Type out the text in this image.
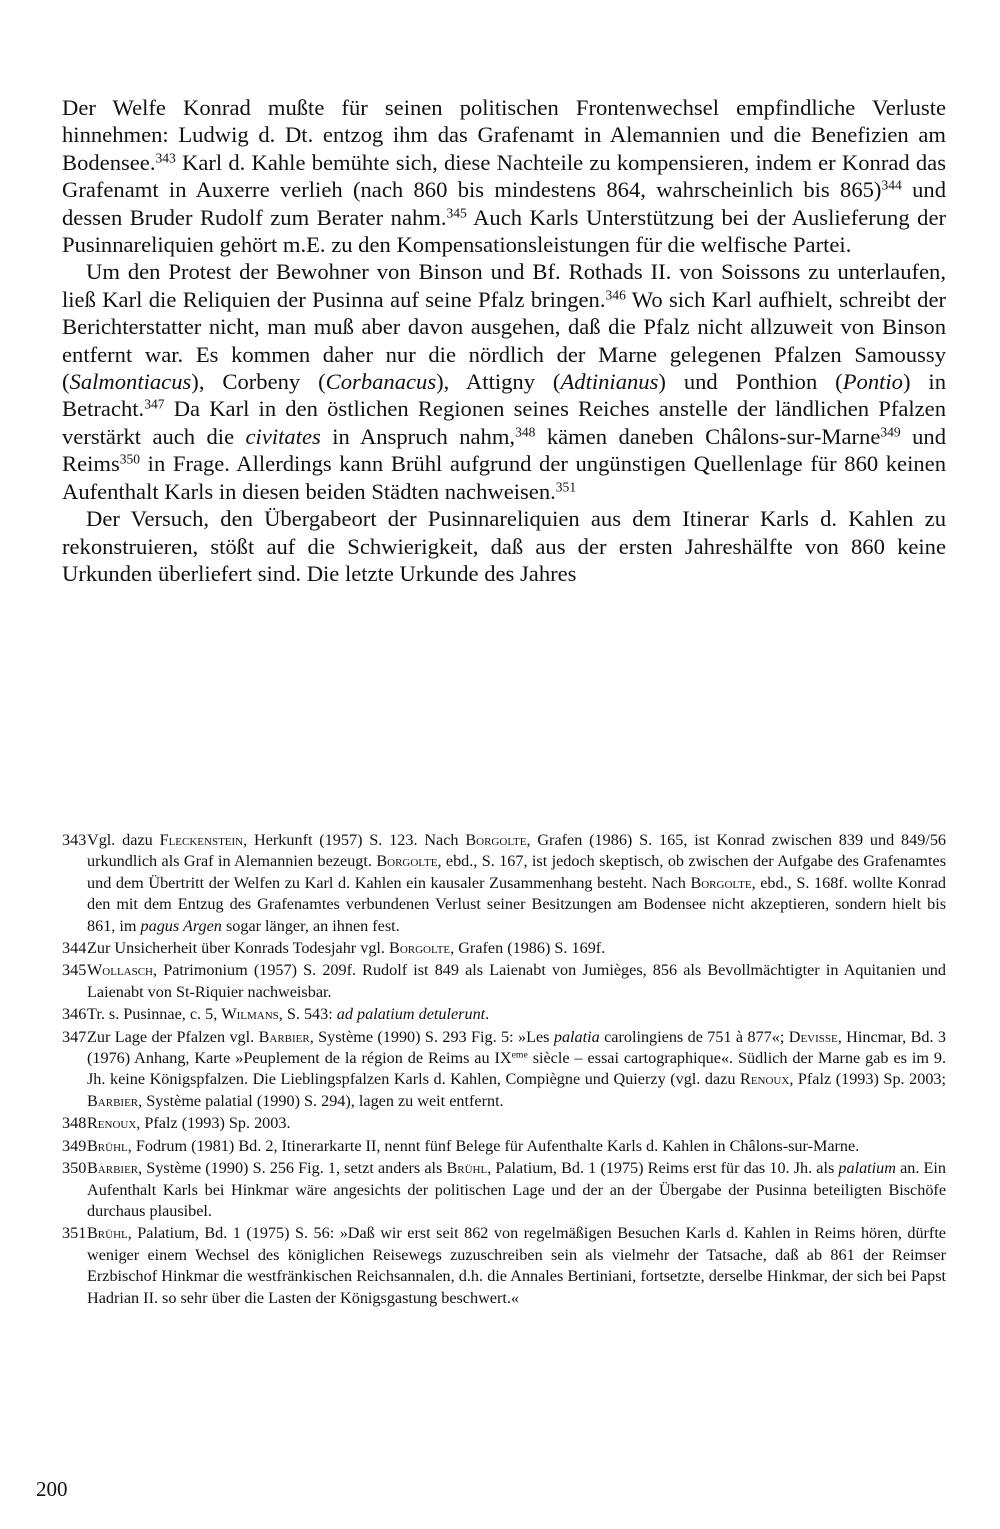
Der Welfe Konrad mußte für seinen politischen Frontenwechsel empfindliche Verluste hinnehmen: Ludwig d. Dt. entzog ihm das Grafenamt in Alemannien und die Benefizien am Bodensee.$^{343}$ Karl d. Kahle bemühte sich, diese Nachteile zu kompensieren, indem er Konrad das Grafenamt in Auxerre verlieh (nach 860 bis mindestens 864, wahrscheinlich bis 865)$^{344}$ und dessen Bruder Rudolf zum Berater nahm.$^{345}$ Auch Karls Unterstützung bei der Auslieferung der Pusinnareliquien gehört m.E. zu den Kompensationsleistungen für die welfische Partei.

Um den Protest der Bewohner von Binson und Bf. Rothads II. von Soissons zu unterlaufen, ließ Karl die Reliquien der Pusinna auf seine Pfalz bringen.$^{346}$ Wo sich Karl aufhielt, schreibt der Berichterstatter nicht, man muß aber davon ausgehen, daß die Pfalz nicht allzuweit von Binson entfernt war. Es kommen daher nur die nördlich der Marne gelegenen Pfalzen Samoussy (Salmontiacus), Corbeny (Corbanacus), Attigny (Adtinianus) und Ponthion (Pontio) in Betracht.$^{347}$ Da Karl in den östlichen Regionen seines Reiches anstelle der ländlichen Pfalzen verstärkt auch die civitates in Anspruch nahm,$^{348}$ kämen daneben Châlons-sur-Marne$^{349}$ und Reims$^{350}$ in Frage. Allerdings kann Brühl aufgrund der ungünstigen Quellenlage für 860 keinen Aufenthalt Karls in diesen beiden Städten nachweisen.$^{351}$

Der Versuch, den Übergabeort der Pusinnareliquien aus dem Itinerar Karls d. Kahlen zu rekonstruieren, stößt auf die Schwierigkeit, daß aus der ersten Jahreshälfte von 860 keine Urkunden überliefert sind. Die letzte Urkunde des Jahres

343 Vgl. dazu Fleckenstein, Herkunft (1957) S. 123. Nach Borgolte, Grafen (1986) S. 165, ist Konrad zwischen 839 und 849/56 urkundlich als Graf in Alemannien bezeugt. Borgolte, ebd., S. 167, ist jedoch skeptisch, ob zwischen der Aufgabe des Grafenamtes und dem Übertritt der Welfen zu Karl d. Kahlen ein kausaler Zusammenhang besteht. Nach Borgolte, ebd., S. 168f. wollte Konrad den mit dem Entzug des Grafenamtes verbundenen Verlust seiner Besitzungen am Bodensee nicht akzeptieren, sondern hielt bis 861, im pagus Argen sogar länger, an ihnen fest.
344 Zur Unsicherheit über Konrads Todesjahr vgl. Borgolte, Grafen (1986) S. 169f.
345 Wollasch, Patrimonium (1957) S. 209f. Rudolf ist 849 als Laienabt von Jumièges, 856 als Bevollmächtigter in Aquitanien und Laienabt von St-Riquier nachweisbar.
346 Tr. s. Pusinnae, c. 5, Wilmans, S. 543: ad palatium detulerunt.
347 Zur Lage der Pfalzen vgl. Barbier, Système (1990) S. 293 Fig. 5: »Les palatia carolingiens de 751 à 877«; Devisse, Hincmar, Bd. 3 (1976) Anhang, Karte »Peuplement de la région de Reims au IXeme siècle – essai cartographique«. Südlich der Marne gab es im 9. Jh. keine Königspfalzen. Die Lieblingspfalzen Karls d. Kahlen, Compiègne und Quierzy (vgl. dazu Renoux, Pfalz (1993) Sp. 2003; Barbier, Système palatial (1990) S. 294), lagen zu weit entfernt.
348 Renoux, Pfalz (1993) Sp. 2003.
349 Brühl, Fodrum (1981) Bd. 2, Itinerarkarte II, nennt fünf Belege für Aufenthalte Karls d. Kahlen in Châlons-sur-Marne.
350 Barbier, Système (1990) S. 256 Fig. 1, setzt anders als Brühl, Palatium, Bd. 1 (1975) Reims erst für das 10. Jh. als palatium an. Ein Aufenthalt Karls bei Hinkmar wäre angesichts der politischen Lage und der an der Übergabe der Pusinna beteiligten Bischöfe durchaus plausibel.
351 Brühl, Palatium, Bd. 1 (1975) S. 56: »Daß wir erst seit 862 von regelmäßigen Besuchen Karls d. Kahlen in Reims hören, dürfte weniger einem Wechsel des königlichen Reisewegs zuzuschreiben sein als vielmehr der Tatsache, daß ab 861 der Reimser Erzbischof Hinkmar die westfränkischen Reichsannalen, d.h. die Annales Bertiniani, fortsetzte, derselbe Hinkmar, der sich bei Papst Hadrian II. so sehr über die Lasten der Königsgastung beschwert.«
200
